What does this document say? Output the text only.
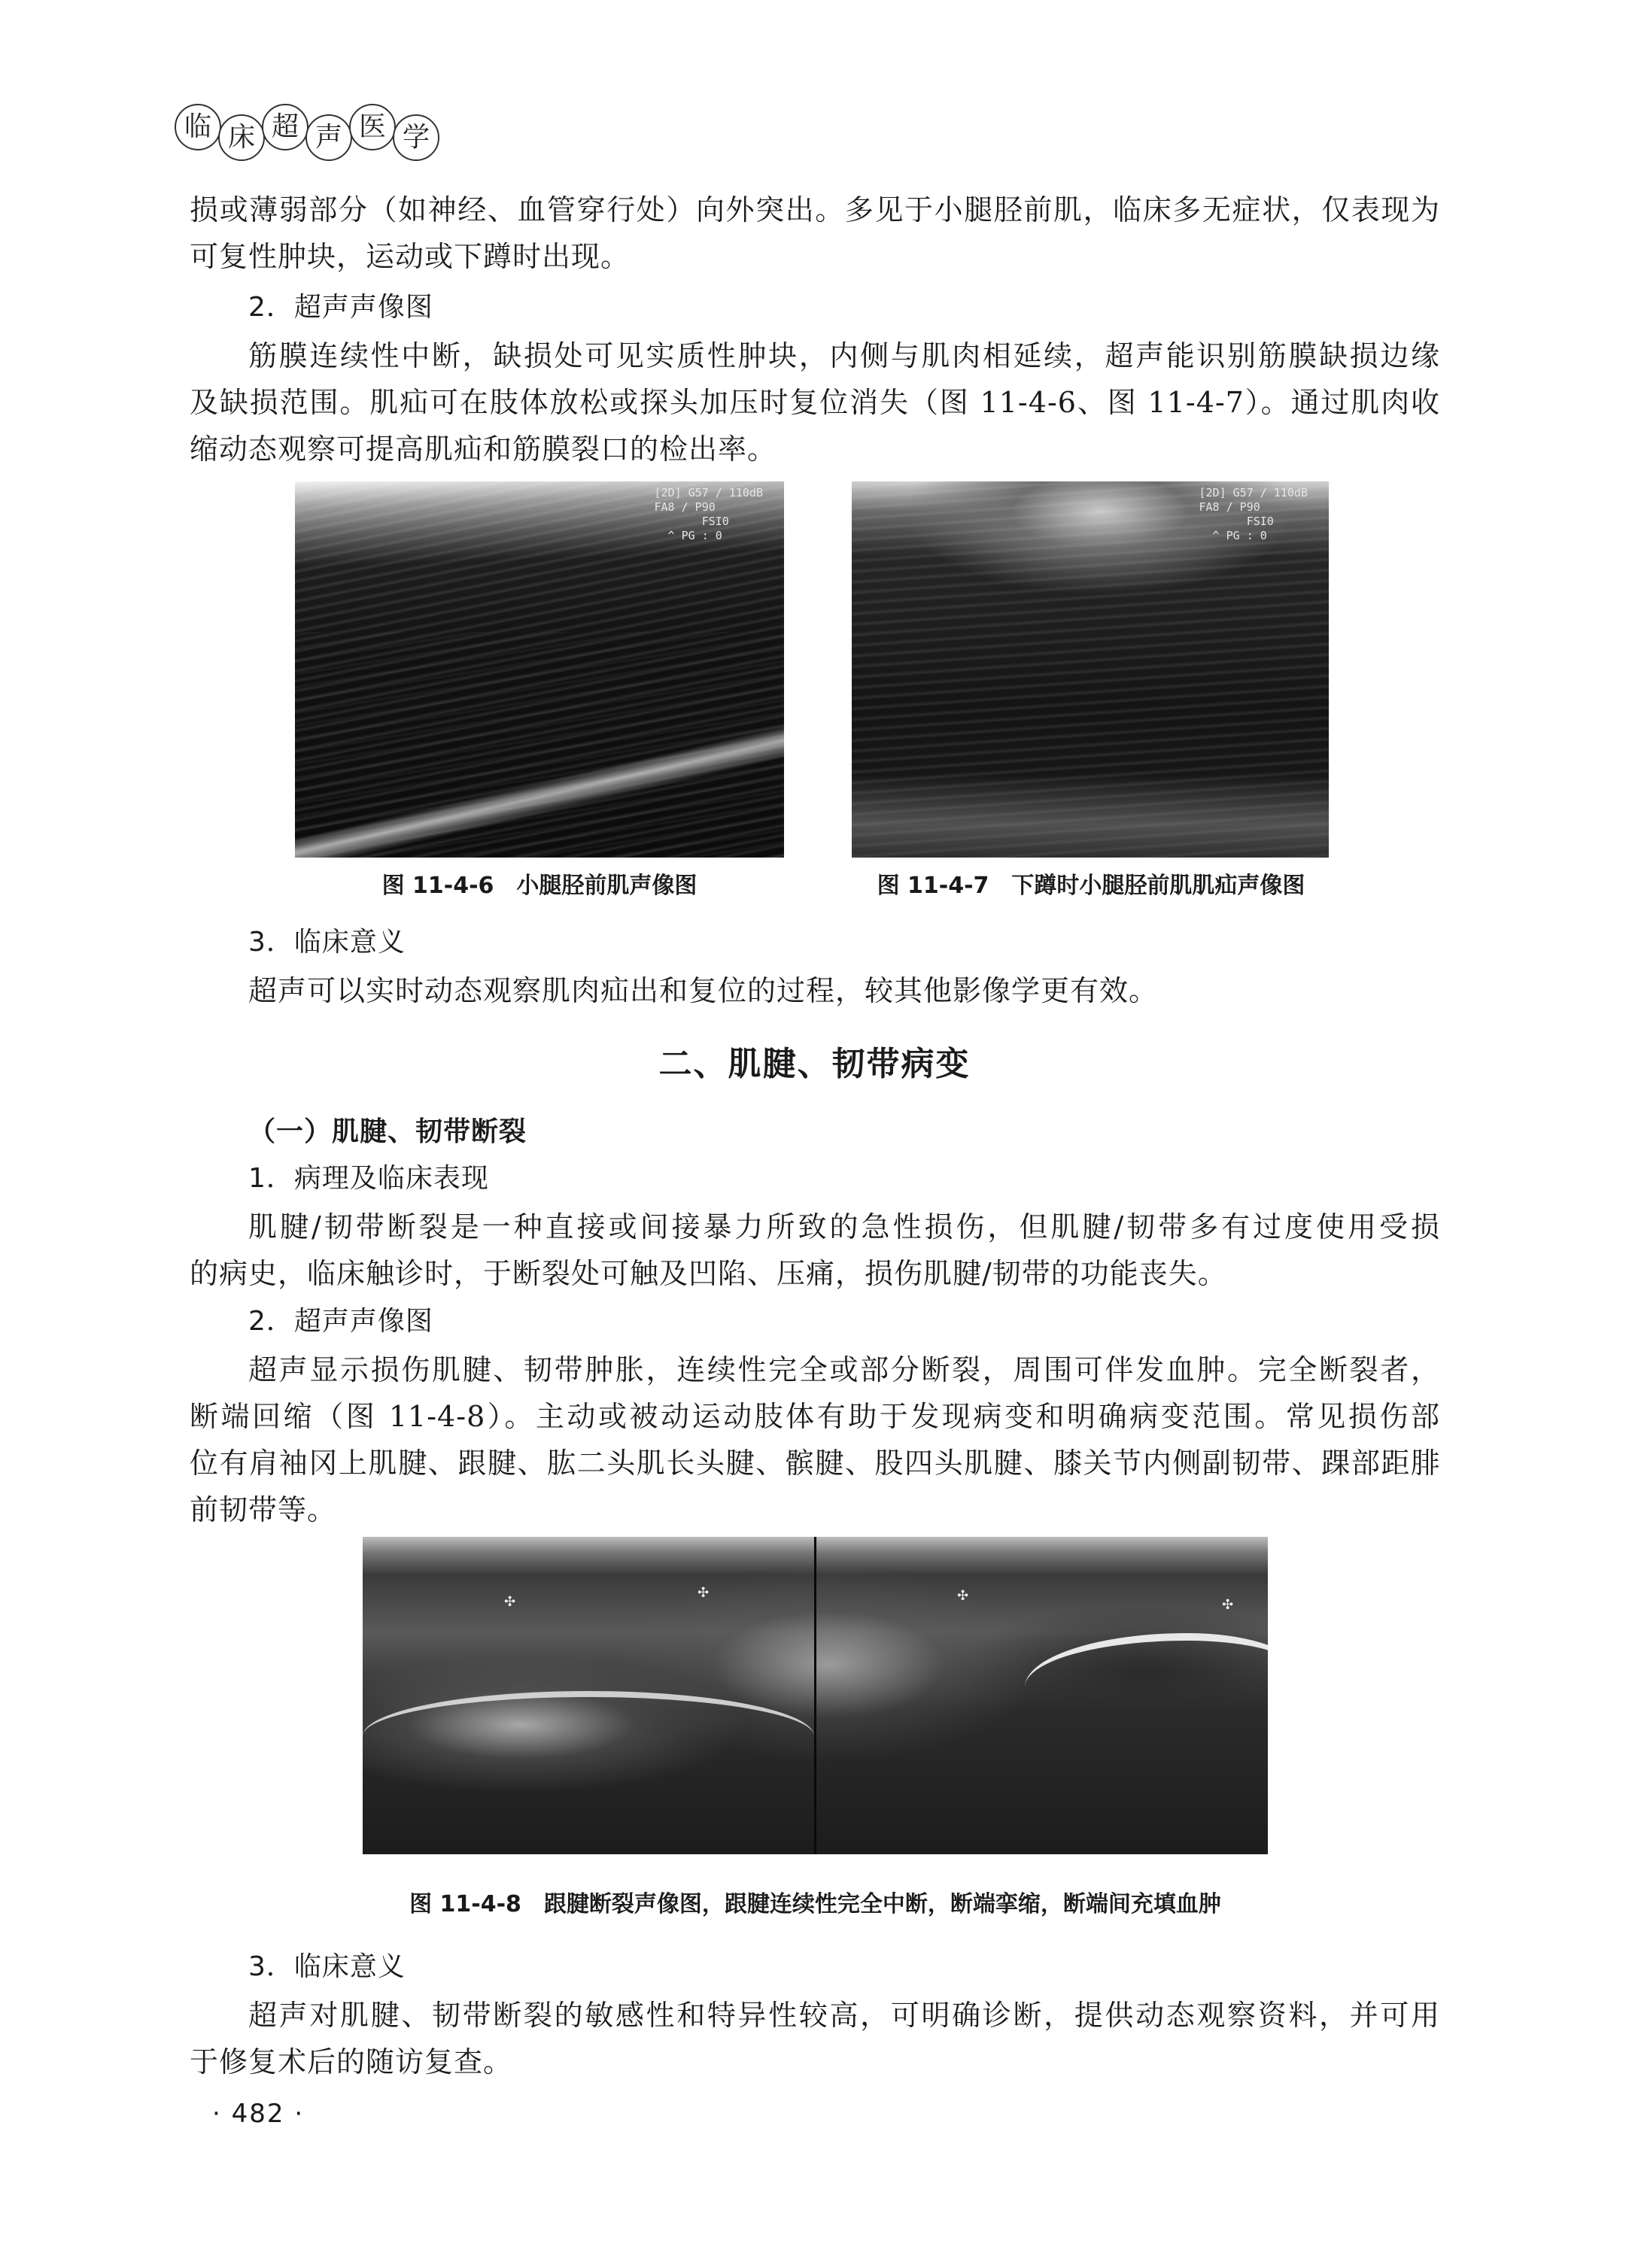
临 床 超 声 医 学
损或薄弱部分（如神经、血管穿行处）向外突出。多见于小腿胫前肌，临床多无症状，仅表现为
可复性肿块，运动或下蹲时出现。
2．超声声像图
筋膜连续性中断，缺损处可见实质性肿块，内侧与肌肉相延续，超声能识别筋膜缺损边缘
及缺损范围。肌疝可在肢体放松或探头加压时复位消失（图 11-4-6、图 11-4-7）。通过肌肉收
缩动态观察可提高肌疝和筋膜裂口的检出率。
[2D] G57 / 110dB
FA8 / P90
FSI0
^ PG : 0
图 11-4-6　小腿胫前肌声像图
[2D] G57 / 110dB
FA8 / P90
FSI0
^ PG : 0
图 11-4-7　下蹲时小腿胫前肌肌疝声像图
3．临床意义
超声可以实时动态观察肌肉疝出和复位的过程，较其他影像学更有效。
二、肌腱、韧带病变
（一）肌腱、韧带断裂
1．病理及临床表现
肌腱/韧带断裂是一种直接或间接暴力所致的急性损伤，但肌腱/韧带多有过度使用受损
的病史，临床触诊时，于断裂处可触及凹陷、压痛，损伤肌腱/韧带的功能丧失。
2．超声声像图
超声显示损伤肌腱、韧带肿胀，连续性完全或部分断裂，周围可伴发血肿。完全断裂者，
断端回缩（图 11-4-8）。主动或被动运动肢体有助于发现病变和明确病变范围。常见损伤部
位有肩袖冈上肌腱、跟腱、肱二头肌长头腱、髌腱、股四头肌腱、膝关节内侧副韧带、踝部距腓
前韧带等。
✣
✣	✣
✣
图 11-4-8　跟腱断裂声像图，跟腱连续性完全中断，断端挛缩，断端间充填血肿
3．临床意义
超声对肌腱、韧带断裂的敏感性和特异性较高，可明确诊断，提供动态观察资料，并可用
于修复术后的随访复查。
· 482 ·
